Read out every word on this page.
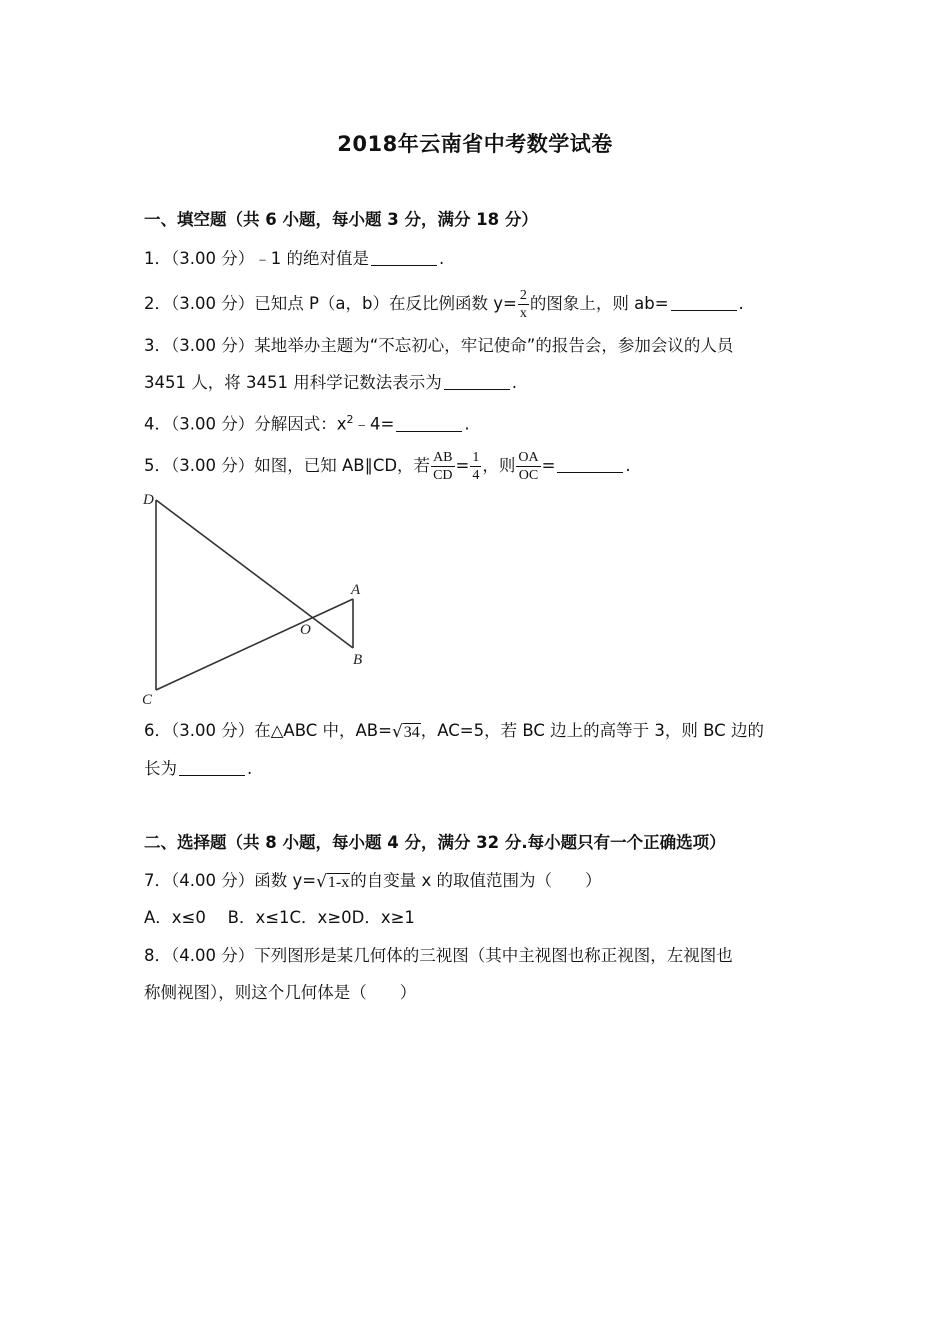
2018年云南省中考数学试卷
一、填空题（共 6 小题，每小题 3 分，满分 18 分）
1．（3.00 分）﹣1 的绝对值是	.
2．（3.00 分）已知点 P（a，b）在反比例函数 $y= \frac{2}{x}$ 的图象上，则 ab=	.
3．（3.00 分）某地举办主题为“不忘初心，牢记使命”的报告会，参加会议的人员
3451 人，将 3451 用科学记数法表示为	.
4．（3.00 分）分解因式：$x^2﹣4=$	.
5．（3.00 分）如图，已知 AB∥CD，若 $\frac{AB}{CD} = \frac{1}{4}$ ，则 $\frac{OA}{OC}$ =	.
D
A
O
B
C
6．（3.00 分）在△ABC 中，AB=√34，AC=5，若 BC 边上的高等于 3，则 BC 边的
长为	.
二、选择题（共 8 小题，每小题 4 分，满分 32 分.每小题只有一个正确选项）
7．（4.00 分）函数 y=√1-x的自变量 x 的取值范围为（　　）
A．x≤0　 B．x≤1C．x≥0D．x≥1
8．（4.00 分）下列图形是某几何体的三视图（其中主视图也称正视图，左视图也
称侧视图），则这个几何体是（　　）
